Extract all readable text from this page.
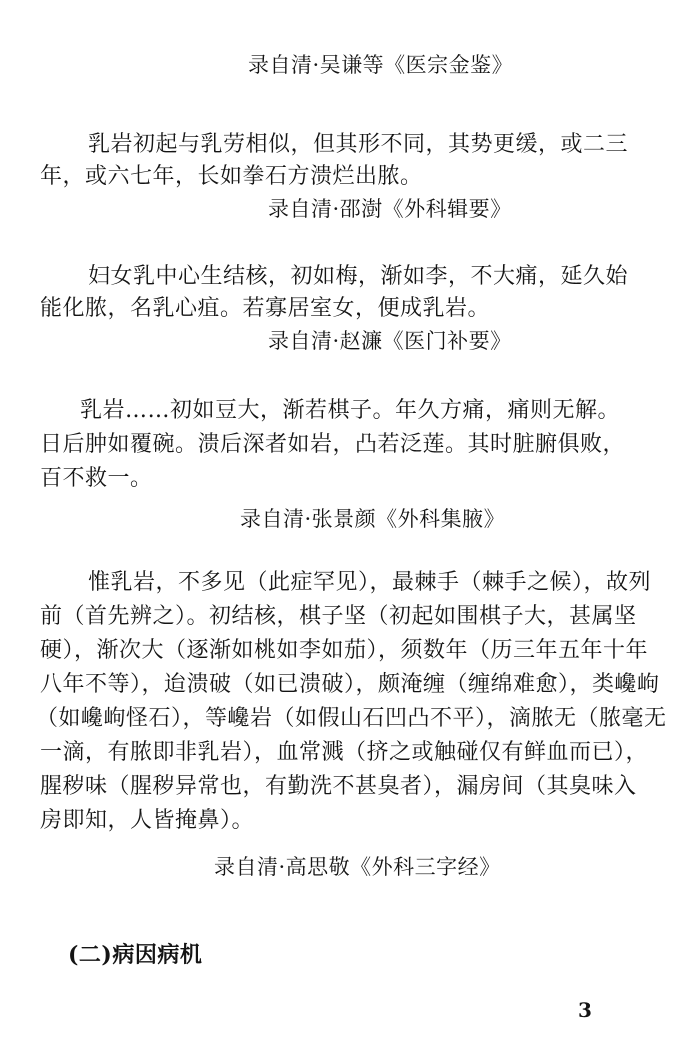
录自清·吴谦等《医宗金鉴》
乳岩初起与乳劳相似，但其形不同，其势更缓，或二三
年，或六七年，长如拳石方溃烂出脓。
录自清·邵澍《外科辑要》
妇女乳中心生结核，初如梅，渐如李，不大痛，延久始
能化脓，名乳心疽。若寡居室女，便成乳岩。
录自清·赵濂《医门补要》
乳岩……初如豆大，渐若棋子。年久方痛，痛则无解。
日后肿如覆碗。溃后深者如岩，凸若泛莲。其时脏腑俱败，
百不救一。
录自清·张景颜《外科集腋》
惟乳岩，不多见（此症罕见），最棘手（棘手之候），故列
前（首先辨之）。初结核，棋子坚（初起如围棋子大，甚属坚
硬），渐次大（逐渐如桃如李如茄），须数年（历三年五年十年
八年不等），迨溃破（如已溃破），颇淹缠（缠绵难愈），类巉岣
（如巉岣怪石），等巉岩（如假山石凹凸不平），滴脓无（脓毫无
一滴，有脓即非乳岩），血常溅（挤之或触碰仅有鲜血而已），
腥秽味（腥秽异常也，有勤洗不甚臭者），漏房间（其臭味入
房即知，人皆掩鼻）。
录自清·高思敬《外科三字经》
(二)病因病机
3
